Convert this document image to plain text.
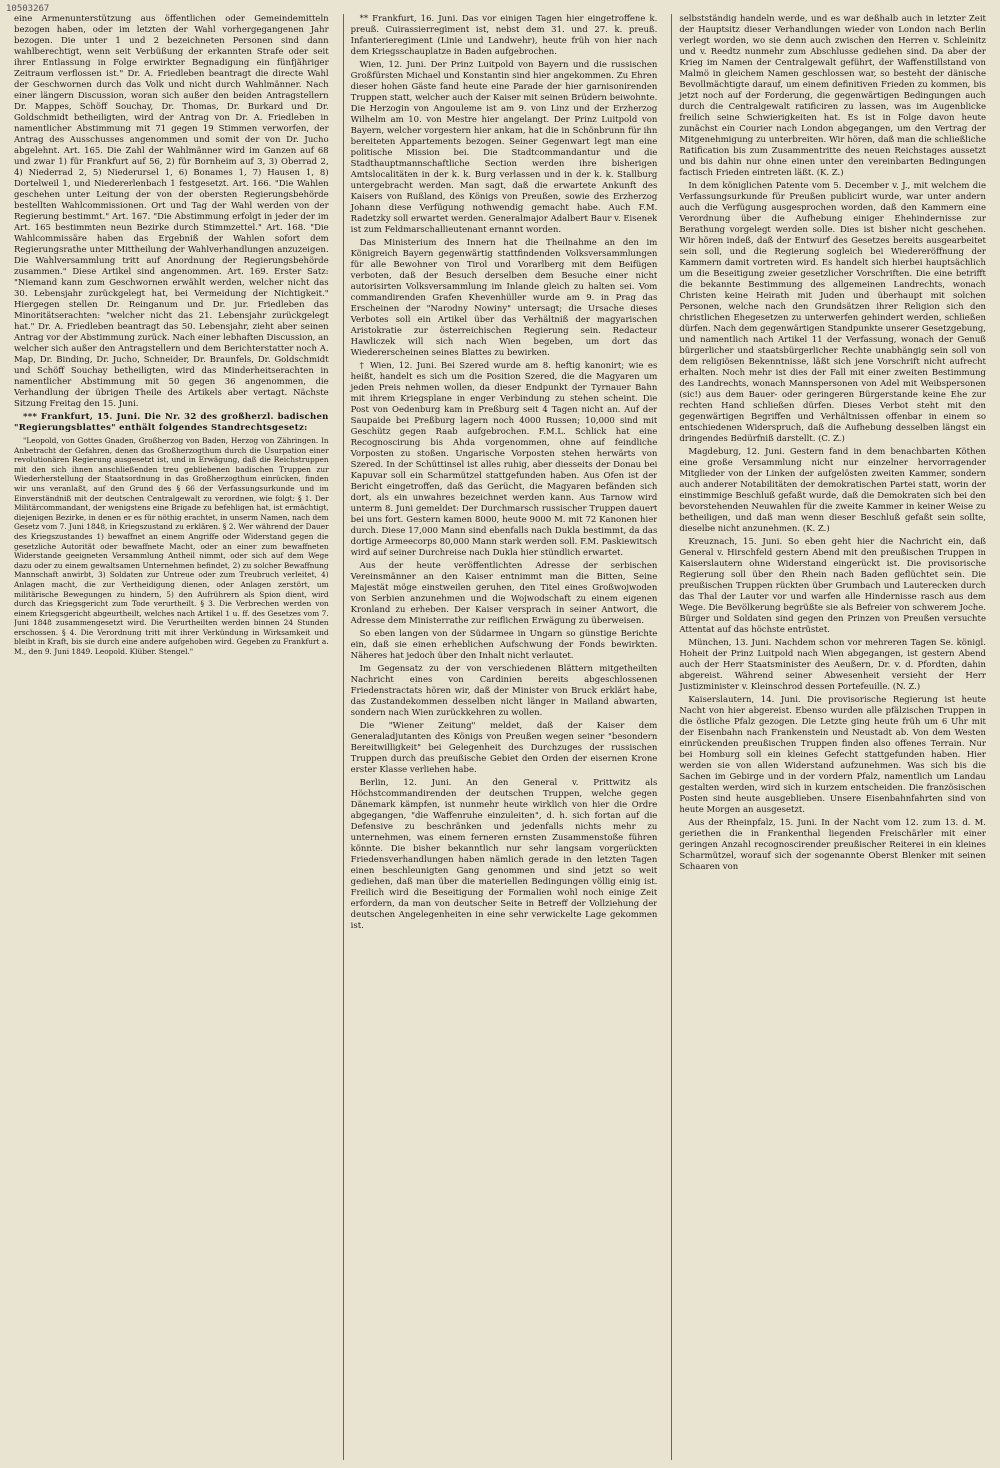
10503267

eine Armenunterstützung aus öffentlichen oder Gemeindemitteln bezogen haben, oder im letzten der Wahl vorhergegangenen Jahr bezogen. Die unter 1 und 2 bezeichneten Personen sind dann wahlberechtigt, wenn seit Verbüßung der erkannten Strafe oder seit ihrer Entlassung in Folge erwirkter Begnadigung ein fünfjähriger Zeitraum verflossen ist." Dr. A. Friedleben beantragt die directe Wahl der Geschwornen durch das Volk und nicht durch Wahlmänner. Nach einer längern Discussion, woran sich außer den beiden Antragstellern Dr. Mappes, Schöff Souchay, Dr. Thomas, Dr. Burkard und Dr. Goldschmidt betheiligten, wird der Antrag von Dr. A. Friedleben in namentlicher Abstimmung mit 71 gegen 19 Stimmen verworfen, der Antrag des Ausschusses angenommen und somit der von Dr. Jucho abgelehnt. Art. 165. Die Zahl der Wahlmänner wird im Ganzen auf 68 und zwar 1) für Frankfurt auf 56, 2) für Bornheim auf 3, 3) Oberrad 2, 4) Niederrad 2, 5) Niederursel 1, 6) Bonames 1, 7) Hausen 1, 8) Dortelweil 1, und Niedererlenbach 1 festgesetzt. Art. 166. "Die Wahlen geschehen unter Leitung der von der obersten Regierungsbehörde bestellten Wahlcommissionen. Ort und Tag der Wahl werden von der Regierung bestimmt." Art. 167. "Die Abstimmung erfolgt in jeder der im Art. 165 bestimmten neun Bezirke durch Stimmzettel." Art. 168. "Die Wahlcommissäre haben das Ergebniß der Wahlen sofort dem Regierungsrathe unter Mittheilung der Wahlverhandlungen anzuzeigen. Die Wahlversammlung tritt auf Anordnung der Regierungsbehörde zusammen." Diese Artikel sind angenommen. Art. 169. Erster Satz: "Niemand kann zum Geschwornen erwählt werden, welcher nicht das 30. Lebensjahr zurückgelegt hat, bei Vermeidung der Nichtigkeit." Hiergegen stellen Dr. Reinganum und Dr. jur. Friedleben das Minoritätserachten: "welcher nicht das 21. Lebensjahr zurückgelegt hat." Dr. A. Friedleben beantragt das 50. Lebensjahr, zieht aber seinen Antrag vor der Abstimmung zurück. Nach einer lebhaften Discussion, an welcher sich außer den Antragstellern und dem Berichterstatter noch A. Map, Dr. Binding, Dr. Jucho, Schneider, Dr. Braunfels, Dr. Goldschmidt und Schöff Souchay betheiligten, wird das Minderheitserachten in namentlicher Abstimmung mit 50 gegen 36 angenommen, die Verhandlung der übrigen Theile des Artikels aber vertagt. Nächste Sitzung Freitag den 15. Juni.

*** Frankfurt, 15. Juni. Die Nr. 32 des großherzl. badischen "Regierungsblattes" enthält folgendes Standrechtsgesetz:

"Leopold, von Gottes Gnaden, Großherzog von Baden, Herzog von Zähringen. In Anbetracht der Gefahren, denen das Großherzogthum durch die Usurpation einer revolutionären Regierung ausgesetzt ist, und in Erwägung, daß die Reichstruppen mit den sich ihnen anschließenden treu gebliebenen badischen Truppen zur Wiederherstellung der Staatsordnung in das Großherzogthum einrücken, finden wir uns veranlaßt, auf den Grund des § 66 der Verfassungsurkunde und im Einverständniß mit der deutschen Centralgewalt zu verordnen, wie folgt: § 1. Der Militärcommandant, der wenigstens eine Brigade zu befehligen hat, ist ermächtigt, diejenigen Bezirke, in denen er es für nöthig erachtet, in unserm Namen, nach dem Gesetz vom 7. Juni 1848, in Kriegszustand zu erklären. § 2. Wer während der Dauer des Kriegszustandes 1) bewaffnet an einem Angriffe oder Widerstand gegen die gesetzliche Autorität oder bewaffnete Macht, oder an einer zum bewaffneten Widerstande geeigneten Versammlung Antheil nimmt, oder sich auf dem Wege dazu oder zu einem gewaltsamen Unternehmen befindet, 2) zu solcher Bewaffnung Mannschaft anwirbt, 3) Soldaten zur Untreue oder zum Treubruch verleitet, 4) Anlagen macht, die zur Vertheidigung dienen, oder Anlagen zerstört, um militärische Bewegungen zu hindern, 5) den Aufrührern als Spion dient, wird durch das Kriegsgericht zum Tode verurtheilt. § 3. Die Verbrechen werden von einem Kriegsgericht abgeurtheilt, welches nach Artikel 1 u. ff. des Gesetzes vom 7. Juni 1848 zusammengesetzt wird. Die Verurtheilten werden binnen 24 Stunden erschossen. § 4. Die Verordnung tritt mit ihrer Verkündung in Wirksamkeit und bleibt in Kraft, bis sie durch eine andere aufgehoben wird. Gegeben zu Frankfurt a. M., den 9. Juni 1849. Leopold. Klüber. Stengel."

** Frankfurt, 16. Juni. Das vor einigen Tagen hier eingetroffene k. preuß. Cuirassierregiment ist, nebst dem 31. und 27. k. preuß. Infanterieregiment (Linie und Landwehr), heute früh von hier nach dem Kriegsschauplatze in Baden aufgebrochen.

Wien, 12. Juni. Der Prinz Luitpold von Bayern und die russischen Großfürsten Michael und Konstantin sind hier angekommen. Zu Ehren dieser hohen Gäste fand heute eine Parade der hier garnisonirenden Truppen statt, welcher auch der Kaiser mit seinen Brüdern beiwohnte. Die Herzogin von Angouleme ist am 9. von Linz und der Erzherzog Wilhelm am 10. von Mestre hier angelangt. Der Prinz Luitpold von Bayern, welcher vorgestern hier ankam, hat die in Schönbrunn für ihn bereiteten Appartements bezogen. Seiner Gegenwart legt man eine politische Mission bei. Die Stadtcommandantur und die Stadthauptmannschaftliche Section werden ihre bisherigen Amtslocalitäten in der k. k. Burg verlassen und in der k. k. Stallburg untergebracht werden. Man sagt, daß die erwartete Ankunft des Kaisers von Rußland, des Königs von Preußen, sowie des Erzherzog Johann diese Verfügung nothwendig gemacht habe. Auch F.M. Radetzky soll erwartet werden. Generalmajor Adalbert Baur v. Eisenek ist zum Feldmarschallieutenant ernannt worden.

Das Ministerium des Innern hat die Theilnahme an den im Königreich Bayern gegenwärtig stattfindenden Volksversammlungen für alle Bewohner von Tirol und Vorarlberg mit dem Beifügen verboten, daß der Besuch derselben dem Besuche einer nicht autorisirten Volksversammlung im Inlande gleich zu halten sei. Vom commandirenden Grafen Khevenhüller wurde am 9. in Prag das Erscheinen der "Narodny Nowiny" untersagt; die Ursache dieses Verbotes soll ein Artikel über das Verhältniß der magyarischen Aristokratie zur österreichischen Regierung sein. Redacteur Hawliczek will sich nach Wien begeben, um dort das Wiedererscheinen seines Blattes zu bewirken.

† Wien, 12. Juni. Bei Szered wurde am 8. heftig kanonirt; wie es heißt, handelt es sich um die Position Szered, die die Magyaren um jeden Preis nehmen wollen, da dieser Endpunkt der Tyrnauer Bahn mit ihrem Kriegsplane in enger Verbindung zu stehen scheint. Die Post von Oedenburg kam in Preßburg seit 4 Tagen nicht an. Auf der Saupaide bei Preßburg lagern noch 4000 Russen; 10,000 sind mit Geschütz gegen Raab aufgebrochen. F.M.L. Schlick hat eine Recognoscirung bis Ahda vorgenommen, ohne auf feindliche Vorposten zu stoßen. Ungarische Vorposten stehen herwärts von Szered. In der Schüttinsel ist alles ruhig, aber diesseits der Donau bei Kapuvar soll ein Scharmützel stattgefunden haben. Aus Ofen ist der Bericht eingetroffen, daß das Gerücht, die Magyaren befänden sich dort, als ein unwahres bezeichnet werden kann. Aus Tarnow wird unterm 8. Juni gemeldet: Der Durchmarsch russischer Truppen dauert bei uns fort. Gestern kamen 8000, heute 9000 M. mit 72 Kanonen hier durch. Diese 17,000 Mann sind ebenfalls nach Dukla bestimmt, da das dortige Armeecorps 80,000 Mann stark werden soll. F.M. Paskiewitsch wird auf seiner Durchreise nach Dukla hier stündlich erwartet.

Aus der heute veröffentlichten Adresse der serbischen Vereinsmänner an den Kaiser entnimmt man die Bitten, Seine Majestät möge einstweilen geruhen, den Titel eines Großwojwoden von Serbien anzunehmen und die Wojwodschaft zu einem eigenen Kronland zu erheben. Der Kaiser versprach in seiner Antwort, die Adresse dem Ministerrathe zur reiflichen Erwägung zu überweisen.

So eben langen von der Südarmee in Ungarn so günstige Berichte ein, daß sie einen erheblichen Aufschwung der Fonds bewirkten. Näheres hat jedoch über den Inhalt nicht verlautet.

Im Gegensatz zu der von verschiedenen Blättern mitgetheilten Nachricht eines von Cardinien bereits abgeschlossenen Friedenstractats hören wir, daß der Minister von Bruck erklärt habe, das Zustandekommen desselben nicht länger in Mailand abwarten, sondern nach Wien zurückkehren zu wollen.

Die "Wiener Zeitung" meldet, daß der Kaiser dem Generaladjutanten des Königs von Preußen wegen seiner "besondern Bereitwilligkeit" bei Gelegenheit des Durchzuges der russischen Truppen durch das preußische Gebiet den Orden der eisernen Krone erster Klasse verliehen habe.

Berlin, 12. Juni. An den General v. Prittwitz als Höchstcommandirenden der deutschen Truppen, welche gegen Dänemark kämpfen, ist nunmehr heute wirklich von hier die Ordre abgegangen, "die Waffenruhe einzuleiten", d. h. sich fortan auf die Defensive zu beschränken und jedenfalls nichts mehr zu unternehmen, was einem ferneren ernsten Zusammenstoße führen könnte. Die bisher bekanntlich nur sehr langsam vorgerückten Friedensverhandlungen haben nämlich gerade in den letzten Tagen einen beschleunigten Gang genommen und sind jetzt so weit gediehen, daß man über die materiellen Bedingungen völlig einig ist. Freilich wird die Beseitigung der Formalien wohl noch einige Zeit erfordern, da man von deutscher Seite in Betreff der Vollziehung der deutschen Angelegenheiten in eine sehr verwickelte Lage gekommen ist.

selbstständig handeln werde, und es war deßhalb auch in letzter Zeit der Hauptsitz dieser Verhandlungen wieder von London nach Berlin verlegt worden, wo sie denn auch zwischen den Herren v. Schleinitz und v. Reedtz nunmehr zum Abschlusse gediehen sind. Da aber der Krieg im Namen der Centralgewalt geführt, der Waffenstillstand von Malmö in gleichem Namen geschlossen war, so besteht der dänische Bevollmächtigte darauf, um einem definitiven Frieden zu kommen, bis jetzt noch auf der Forderung, die gegenwärtigen Bedingungen auch durch die Centralgewalt ratificiren zu lassen, was im Augenblicke freilich seine Schwierigkeiten hat. Es ist in Folge davon heute zunächst ein Courier nach London abgegangen, um den Vertrag der Mitgenehmigung zu unterbreiten. Wir hören, daß man die schließliche Ratification bis zum Zusammentritte des neuen Reichstages aussetzt und bis dahin nur ohne einen unter den vereinbarten Bedingungen factisch Frieden eintreten läßt. (K. Z.)

In dem königlichen Patente vom 5. December v. J., mit welchem die Verfassungsurkunde für Preußen publicirt wurde, war unter andern auch die Verfügung ausgesprochen worden, daß den Kammern eine Verordnung über die Aufhebung einiger Ehehindernisse zur Berathung vorgelegt werden solle. Dies ist bisher nicht geschehen. Wir hören indeß, daß der Entwurf des Gesetzes bereits ausgearbeitet sein soll, und die Regierung sogleich bei Wiedereröffnung der Kammern damit vortreten wird. Es handelt sich hierbei hauptsächlich um die Beseitigung zweier gesetzlicher Vorschriften. Die eine betrifft die bekannte Bestimmung des allgemeinen Landrechts, wonach Christen keine Heirath mit Juden und überhaupt mit solchen Personen, welche nach den Grundsätzen ihrer Religion sich den christlichen Ehegesetzen zu unterwerfen gehindert werden, schließen dürfen. Nach dem gegenwärtigen Standpunkte unserer Gesetzgebung, und namentlich nach Artikel 11 der Verfassung, wonach der Genuß bürgerlicher und staatsbürgerlicher Rechte unabhängig sein soll von dem religiösen Bekenntnisse, läßt sich jene Vorschrift nicht aufrecht erhalten. Noch mehr ist dies der Fall mit einer zweiten Bestimmung des Landrechts, wonach Mannspersonen von Adel mit Weibspersonen (sic!) aus dem Bauer- oder geringeren Bürgerstande keine Ehe zur rechten Hand schließen dürfen. Dieses Verbot steht mit den gegenwärtigen Begriffen und Verhältnissen offenbar in einem so entschiedenen Widerspruch, daß die Aufhebung desselben längst ein dringendes Bedürfniß darstellt. (C. Z.)

Magdeburg, 12. Juni. Gestern fand in dem benachbarten Köthen eine große Versammlung nicht nur einzelner hervorragender Mitglieder von der Linken der aufgelösten zweiten Kammer, sondern auch anderer Notabilitäten der demokratischen Partei statt, worin der einstimmige Beschluß gefaßt wurde, daß die Demokraten sich bei den bevorstehenden Neuwahlen für die zweite Kammer in keiner Weise zu betheiligen, und daß man wenn dieser Beschluß gefaßt sein sollte, dieselbe nicht anzunehmen. (K. Z.)

Kreuznach, 15. Juni. So eben geht hier die Nachricht ein, daß General v. Hirschfeld gestern Abend mit den preußischen Truppen in Kaiserslautern ohne Widerstand eingerückt ist. Die provisorische Regierung soll über den Rhein nach Baden geflüchtet sein. Die preußischen Truppen rückten über Grumbach und Lauterecken durch das Thal der Lauter vor und warfen alle Hindernisse rasch aus dem Wege. Die Bevölkerung begrüßte sie als Befreier von schwerem Joche. Bürger und Soldaten sind gegen den Prinzen von Preußen versuchte Attentat auf das höchste entrüstet.

München, 13. Juni. Nachdem schon vor mehreren Tagen Se. königl. Hoheit der Prinz Luitpold nach Wien abgegangen, ist gestern Abend auch der Herr Staatsminister des Aeußern, Dr. v. d. Pfordten, dahin abgereist. Während seiner Abwesenheit versieht der Herr Justizminister v. Kleinschrod dessen Portefeuille. (N. Z.)

Kaiserslautern, 14. Juni. Die provisorische Regierung ist heute Nacht von hier abgereist. Ebenso wurden alle pfälzischen Truppen in die östliche Pfalz gezogen. Die Letzte ging heute früh um 6 Uhr mit der Eisenbahn nach Frankenstein und Neustadt ab. Von dem Westen einrückenden preußischen Truppen finden also offenes Terrain. Nur bei Homburg soll ein kleines Gefecht stattgefunden haben. Hier werden sie von allen Widerstand aufzunehmen. Was sich bis die Sachen im Gebirge und in der vordern Pfalz, namentlich um Landau gestalten werden, wird sich in kurzem entscheiden. Die französischen Posten sind heute ausgeblieben. Unsere Eisenbahnfahrten sind von heute Morgen an ausgesetzt.

Aus der Rheinpfalz, 15. Juni. In der Nacht vom 12. zum 13. d. M. geriethen die in Frankenthal liegenden Freischärler mit einer geringen Anzahl recognoscirender preußischer Reiterei in ein kleines Scharmützel, worauf sich der sogenannte Oberst Blenker mit seinen Schaaren von
